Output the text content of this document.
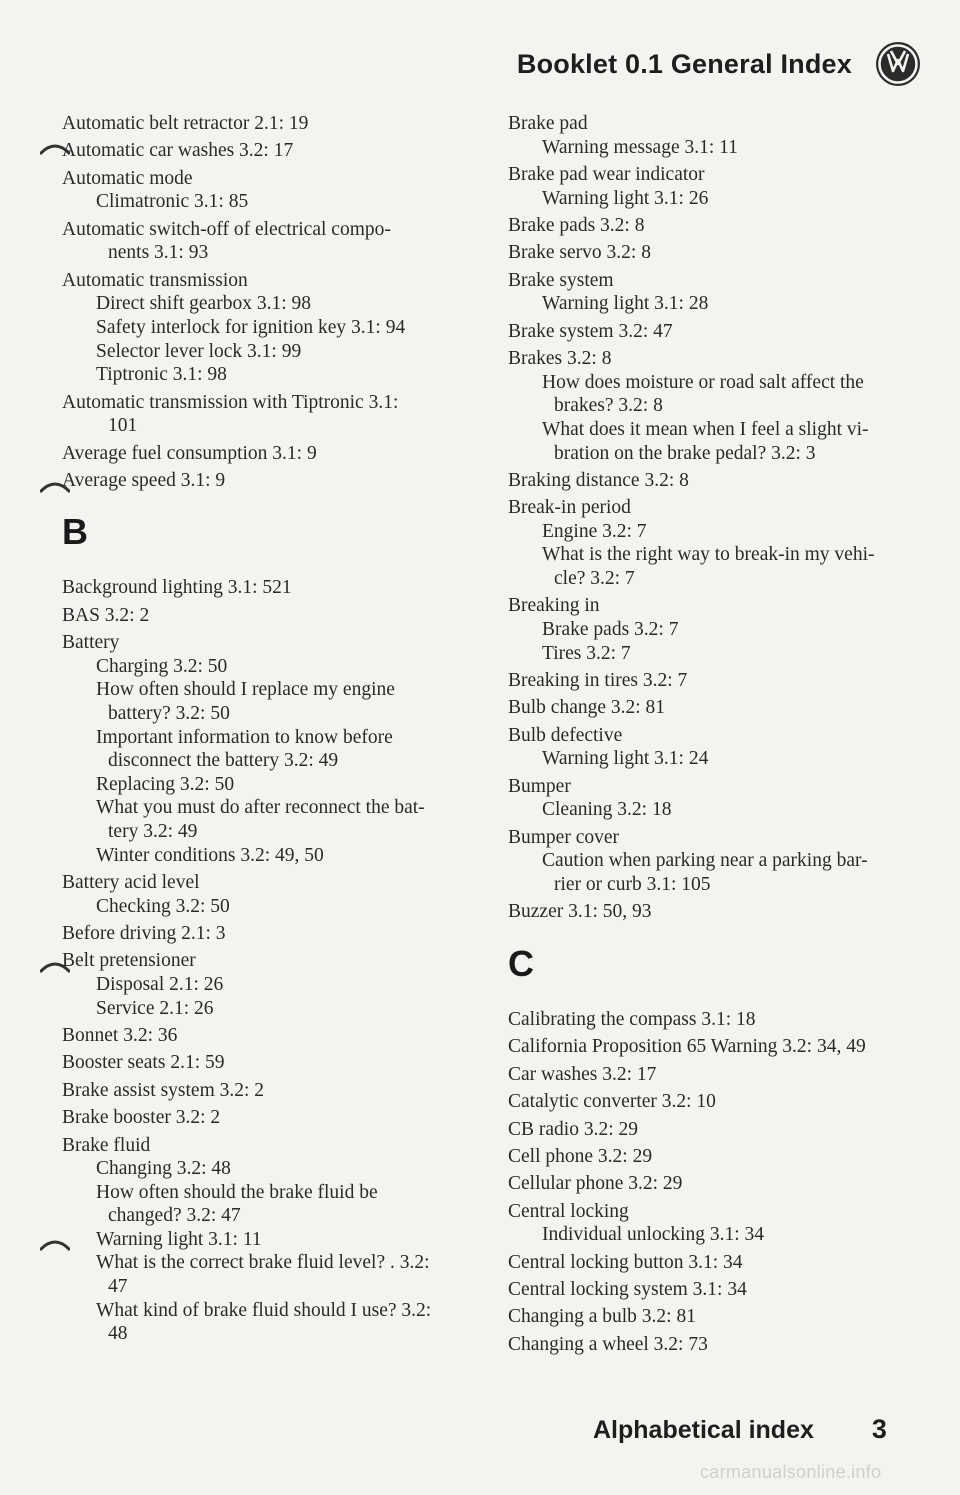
Booklet 0.1 General Index
Automatic belt retractor 2.1: 19
Automatic car washes 3.2: 17
Automatic mode
Climatronic 3.1: 85
Automatic switch-off of electrical compo-
nents 3.1: 93
Automatic transmission
Direct shift gearbox 3.1: 98
Safety interlock for ignition key 3.1: 94
Selector lever lock 3.1: 99
Tiptronic 3.1: 98
Automatic transmission with Tiptronic 3.1:
101
Average fuel consumption 3.1: 9
Average speed 3.1: 9
B
Background lighting 3.1: 521
BAS 3.2: 2
Battery
Charging 3.2: 50
How often should I replace my engine
battery? 3.2: 50
Important information to know before
disconnect the battery 3.2: 49
Replacing 3.2: 50
What you must do after reconnect the bat-
tery 3.2: 49
Winter conditions 3.2: 49, 50
Battery acid level
Checking 3.2: 50
Before driving 2.1: 3
Belt pretensioner
Disposal 2.1: 26
Service 2.1: 26
Bonnet 3.2: 36
Booster seats 2.1: 59
Brake assist system 3.2: 2
Brake booster 3.2: 2
Brake fluid
Changing 3.2: 48
How often should the brake fluid be
changed? 3.2: 47
Warning light 3.1: 11
What is the correct brake fluid level? . 3.2:
47
What kind of brake fluid should I use? 3.2:
48
Brake pad
Warning message 3.1: 11
Brake pad wear indicator
Warning light 3.1: 26
Brake pads 3.2: 8
Brake servo 3.2: 8
Brake system
Warning light 3.1: 28
Brake system 3.2: 47
Brakes 3.2: 8
How does moisture or road salt affect the
brakes? 3.2: 8
What does it mean when I feel a slight vi-
bration on the brake pedal? 3.2: 3
Braking distance 3.2: 8
Break-in period
Engine 3.2: 7
What is the right way to break-in my vehi-
cle? 3.2: 7
Breaking in
Brake pads 3.2: 7
Tires 3.2: 7
Breaking in tires 3.2: 7
Bulb change 3.2: 81
Bulb defective
Warning light 3.1: 24
Bumper
Cleaning 3.2: 18
Bumper cover
Caution when parking near a parking bar-
rier or curb 3.1: 105
Buzzer 3.1: 50, 93
C
Calibrating the compass 3.1: 18
California Proposition 65 Warning 3.2: 34, 49
Car washes 3.2: 17
Catalytic converter 3.2: 10
CB radio 3.2: 29
Cell phone 3.2: 29
Cellular phone 3.2: 29
Central locking
Individual unlocking 3.1: 34
Central locking button 3.1: 34
Central locking system 3.1: 34
Changing a bulb 3.2: 81
Changing a wheel 3.2: 73
Alphabetical index 3
carmanualsonline.info
